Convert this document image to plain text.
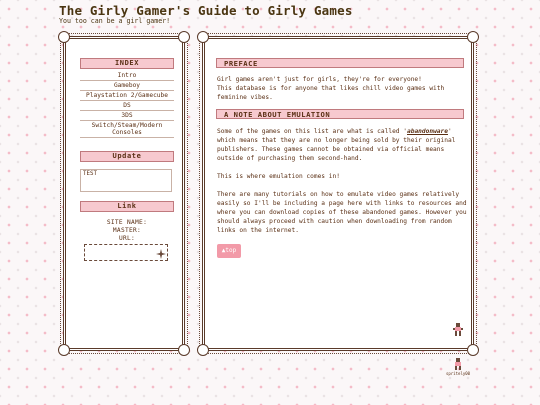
The Girly Gamer's Guide to Girly Games

You too can be a girl gamer!

INDEX
Intro
Gameboy
Playstation 2/Gamecube
DS
3DS
Switch/Steam/Modern Consoles
Update
TEST
Link
SITE NAME:
MASTER:
URL:
PREFACE

Girl games aren't just for girls, they're for everyone!
This database is for anyone that likes chill video games with feminine vibes.

A NOTE ABOUT EMULATION

Some of the games on this list are what is called 'abandonware' which means that they are no longer being sold by their original publishers. These games cannot be obtained via official means outside of purchasing them second-hand.

This is where emulation comes in!

There are many tutorials on how to emulate video games relatively easily so I'll be including a page here with links to resources and where you can download copies of these abandoned games. However you should always proceed with caution when downloading from random links on the internet.

▲top
spritely00
